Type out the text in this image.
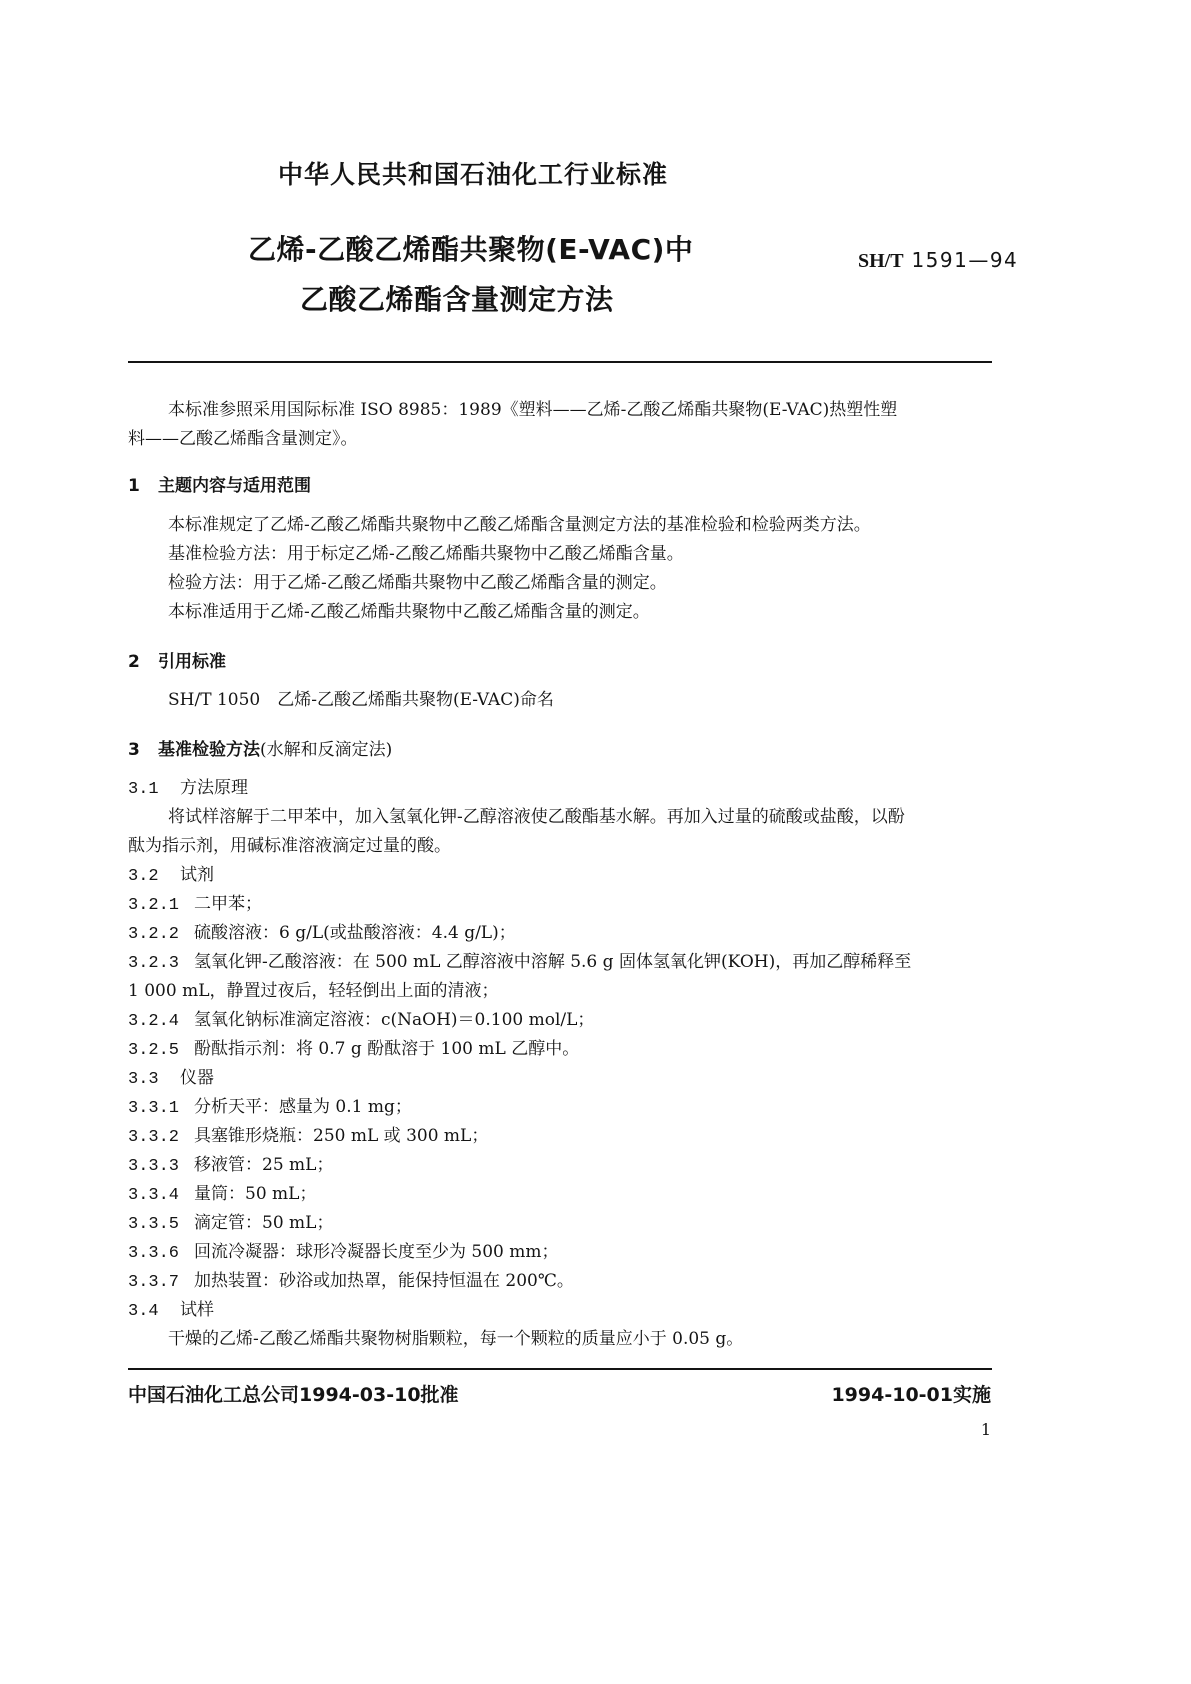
中华人民共和国石油化工行业标准
乙烯-乙酸乙烯酯共聚物(E-VAC)中
乙酸乙烯酯含量测定方法
SH/T 1591—94
本标准参照采用国际标准 ISO 8985：1989《塑料——乙烯-乙酸乙烯酯共聚物(E-VAC)热塑性塑
料——乙酸乙烯酯含量测定》。
1 主题内容与适用范围
本标准规定了乙烯-乙酸乙烯酯共聚物中乙酸乙烯酯含量测定方法的基准检验和检验两类方法。
基准检验方法：用于标定乙烯-乙酸乙烯酯共聚物中乙酸乙烯酯含量。
检验方法：用于乙烯-乙酸乙烯酯共聚物中乙酸乙烯酯含量的测定。
本标准适用于乙烯-乙酸乙烯酯共聚物中乙酸乙烯酯含量的测定。
2 引用标准
SH/T 1050　乙烯-乙酸乙烯酯共聚物(E-VAC)命名
3 基准检验方法(水解和反滴定法)
3.1 方法原理
将试样溶解于二甲苯中，加入氢氧化钾-乙醇溶液使乙酸酯基水解。再加入过量的硫酸或盐酸，以酚
酞为指示剂，用碱标准溶液滴定过量的酸。
3.2 试剂
3.2.1 二甲苯；
3.2.2 硫酸溶液：6 g/L(或盐酸溶液：4.4 g/L)；
3.2.3 氢氧化钾-乙酸溶液：在 500 mL 乙醇溶液中溶解 5.6 g 固体氢氧化钾(KOH)，再加乙醇稀释至
1 000 mL，静置过夜后，轻轻倒出上面的清液；
3.2.4 氢氧化钠标准滴定溶液：c(NaOH)＝0.100 mol/L；
3.2.5 酚酞指示剂：将 0.7 g 酚酞溶于 100 mL 乙醇中。
3.3 仪器
3.3.1 分析天平：感量为 0.1 mg；
3.3.2 具塞锥形烧瓶：250 mL 或 300 mL；
3.3.3 移液管：25 mL；
3.3.4 量筒：50 mL；
3.3.5 滴定管：50 mL；
3.3.6 回流冷凝器：球形冷凝器长度至少为 500 mm；
3.3.7 加热装置：砂浴或加热罩，能保持恒温在 200℃。
3.4 试样
干燥的乙烯-乙酸乙烯酯共聚物树脂颗粒，每一个颗粒的质量应小于 0.05 g。
中国石油化工总公司1994-03-10批准	1994-10-01实施
1
